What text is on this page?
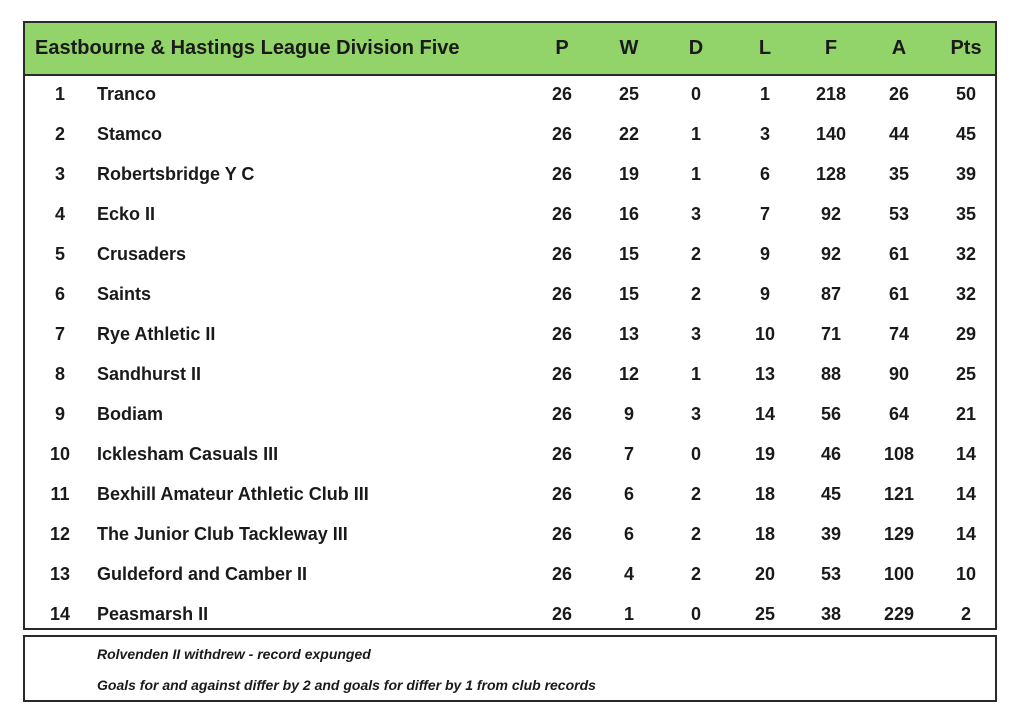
Eastbourne & Hastings League Division Five	P	W	D	L	F	A	Pts
1	Tranco	26	25	0	1	218	26	50
2	Stamco	26	22	1	3	140	44	45
3	Robertsbridge Y C	26	19	1	6	128	35	39
4	Ecko II	26	16	3	7	92	53	35
5	Crusaders	26	15	2	9	92	61	32
6	Saints	26	15	2	9	87	61	32
7	Rye Athletic II	26	13	3	10	71	74	29
8	Sandhurst II	26	12	1	13	88	90	25
9	Bodiam	26	9	3	14	56	64	21
10	Icklesham Casuals III	26	7	0	19	46	108	14
11	Bexhill Amateur Athletic Club III	26	6	2	18	45	121	14
12	The Junior Club Tackleway III	26	6	2	18	39	129	14
13	Guldeford and Camber II	26	4	2	20	53	100	10
14	Peasmarsh II	26	1	0	25	38	229	2
Rolvenden II withdrew - record expunged
Goals for and against differ by 2 and goals for differ by 1 from club records
